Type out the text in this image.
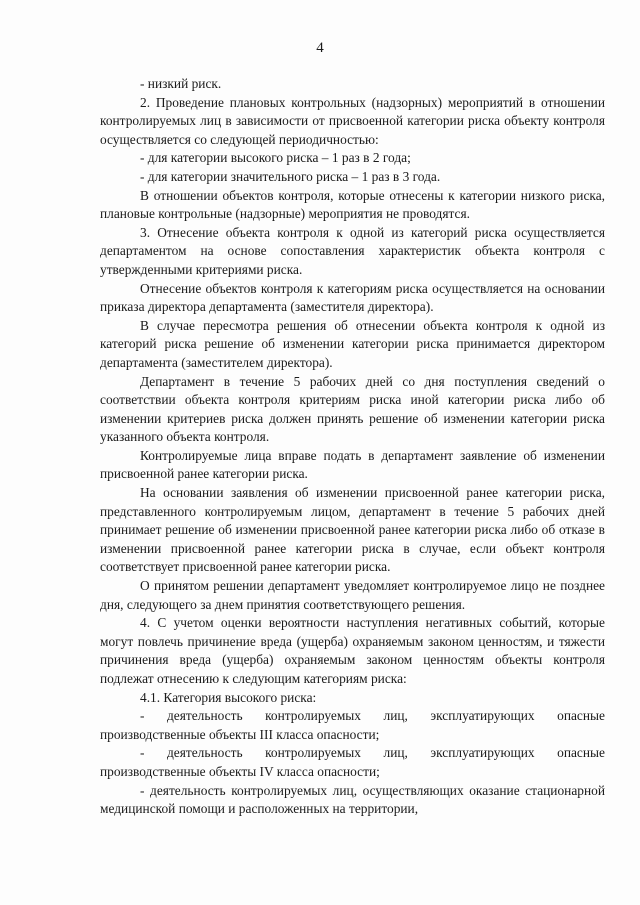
4

- низкий риск.

2. Проведение плановых контрольных (надзорных) мероприятий в отношении контролируемых лиц в зависимости от присвоенной категории риска объекту контроля осуществляется со следующей периодичностью:

- для категории высокого риска – 1 раз в 2 года;

- для категории значительного риска – 1 раз в 3 года.

В отношении объектов контроля, которые отнесены к категории низкого риска, плановые контрольные (надзорные) мероприятия не проводятся.

3. Отнесение объекта контроля к одной из категорий риска осуществляется департаментом на основе сопоставления характеристик объекта контроля с утвержденными критериями риска.

Отнесение объектов контроля к категориям риска осуществляется на основании приказа директора департамента (заместителя директора).

В случае пересмотра решения об отнесении объекта контроля к одной из категорий риска решение об изменении категории риска принимается директором департамента (заместителем директора).

Департамент в течение 5 рабочих дней со дня поступления сведений о соответствии объекта контроля критериям риска иной категории риска либо об изменении критериев риска должен принять решение об изменении категории риска указанного объекта контроля.

Контролируемые лица вправе подать в департамент заявление об изменении присвоенной ранее категории риска.

На основании заявления об изменении присвоенной ранее категории риска, представленного контролируемым лицом, департамент в течение 5 рабочих дней принимает решение об изменении присвоенной ранее категории риска либо об отказе в изменении присвоенной ранее категории риска в случае, если объект контроля соответствует присвоенной ранее категории риска.

О принятом решении департамент уведомляет контролируемое лицо не позднее дня, следующего за днем принятия соответствующего решения.

4. С учетом оценки вероятности наступления негативных событий, которые могут повлечь причинение вреда (ущерба) охраняемым законом ценностям, и тяжести причинения вреда (ущерба) охраняемым законом ценностям объекты контроля подлежат отнесению к следующим категориям риска:

4.1. Категория высокого риска:

- деятельность контролируемых лиц, эксплуатирующих опасные производственные объекты III класса опасности;

- деятельность контролируемых лиц, эксплуатирующих опасные производственные объекты IV класса опасности;

- деятельность контролируемых лиц, осуществляющих оказание стационарной медицинской помощи и расположенных на территории,
